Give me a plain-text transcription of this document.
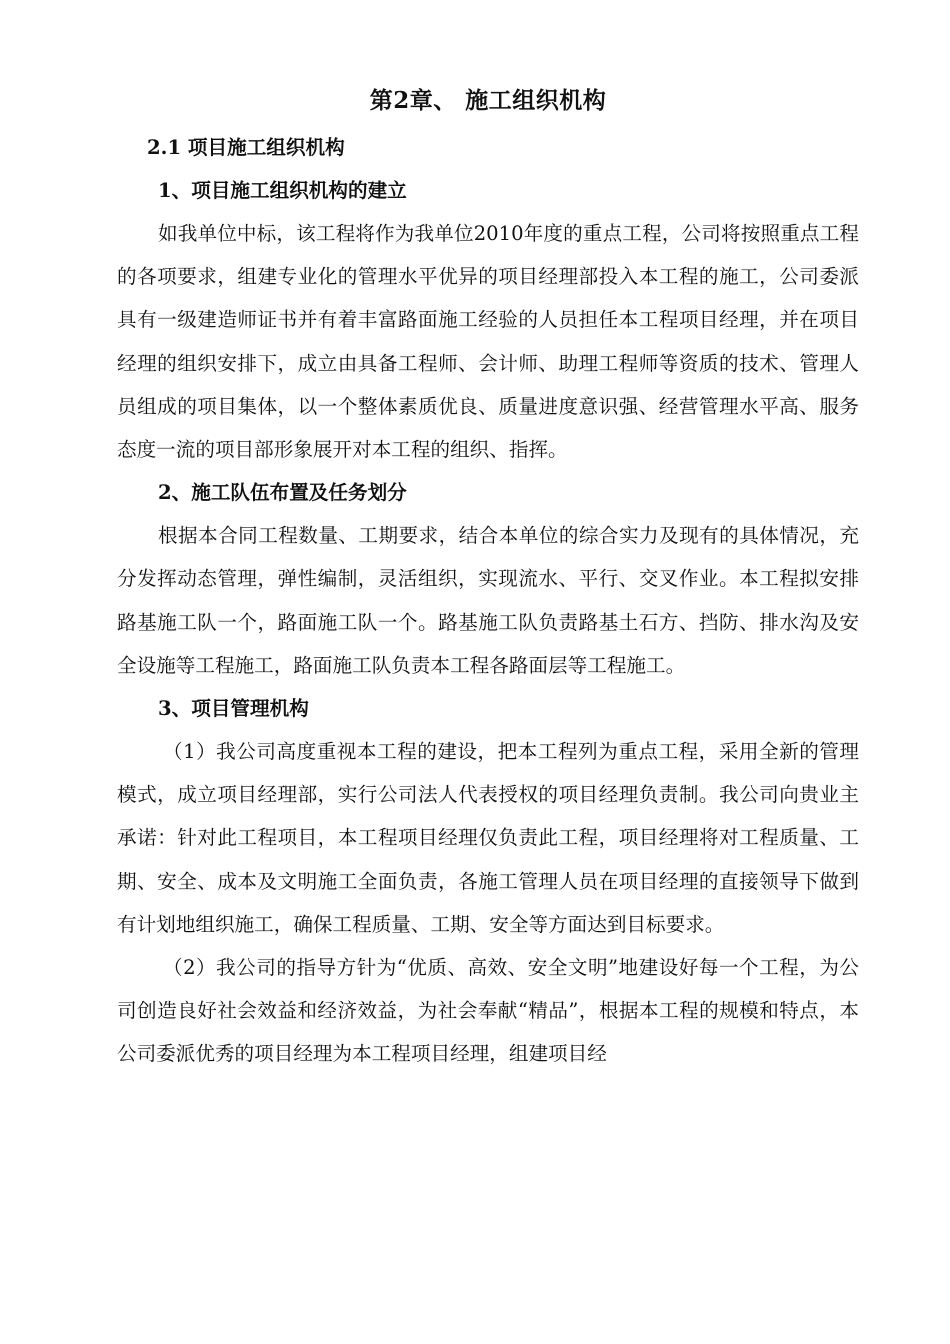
第2章、 施工组织机构
2.1 项目施工组织机构
1、项目施工组织机构的建立

如我单位中标，该工程将作为我单位2010年度的重点工程，公司将按照重点工程的各项要求，组建专业化的管理水平优异的项目经理部投入本工程的施工，公司委派具有一级建造师证书并有着丰富路面施工经验的人员担任本工程项目经理，并在项目经理的组织安排下，成立由具备工程师、会计师、助理工程师等资质的技术、管理人员组成的项目集体，以一个整体素质优良、质量进度意识强、经营管理水平高、服务态度一流的项目部形象展开对本工程的组织、指挥。

2、施工队伍布置及任务划分

根据本合同工程数量、工期要求，结合本单位的综合实力及现有的具体情况，充分发挥动态管理，弹性编制，灵活组织，实现流水、平行、交叉作业。本工程拟安排路基施工队一个，路面施工队一个。路基施工队负责路基土石方、挡防、排水沟及安全设施等工程施工，路面施工队负责本工程各路面层等工程施工。

3、项目管理机构

（1）我公司高度重视本工程的建设，把本工程列为重点工程，采用全新的管理模式，成立项目经理部，实行公司法人代表授权的项目经理负责制。我公司向贵业主承诺：针对此工程项目，本工程项目经理仅负责此工程，项目经理将对工程质量、工期、安全、成本及文明施工全面负责，各施工管理人员在项目经理的直接领导下做到有计划地组织施工，确保工程质量、工期、安全等方面达到目标要求。

（2）我公司的指导方针为“优质、高效、安全文明”地建设好每一个工程，为公司创造良好社会效益和经济效益，为社会奉献“精品”，根据本工程的规模和特点，本公司委派优秀的项目经理为本工程项目经理，组建项目经
